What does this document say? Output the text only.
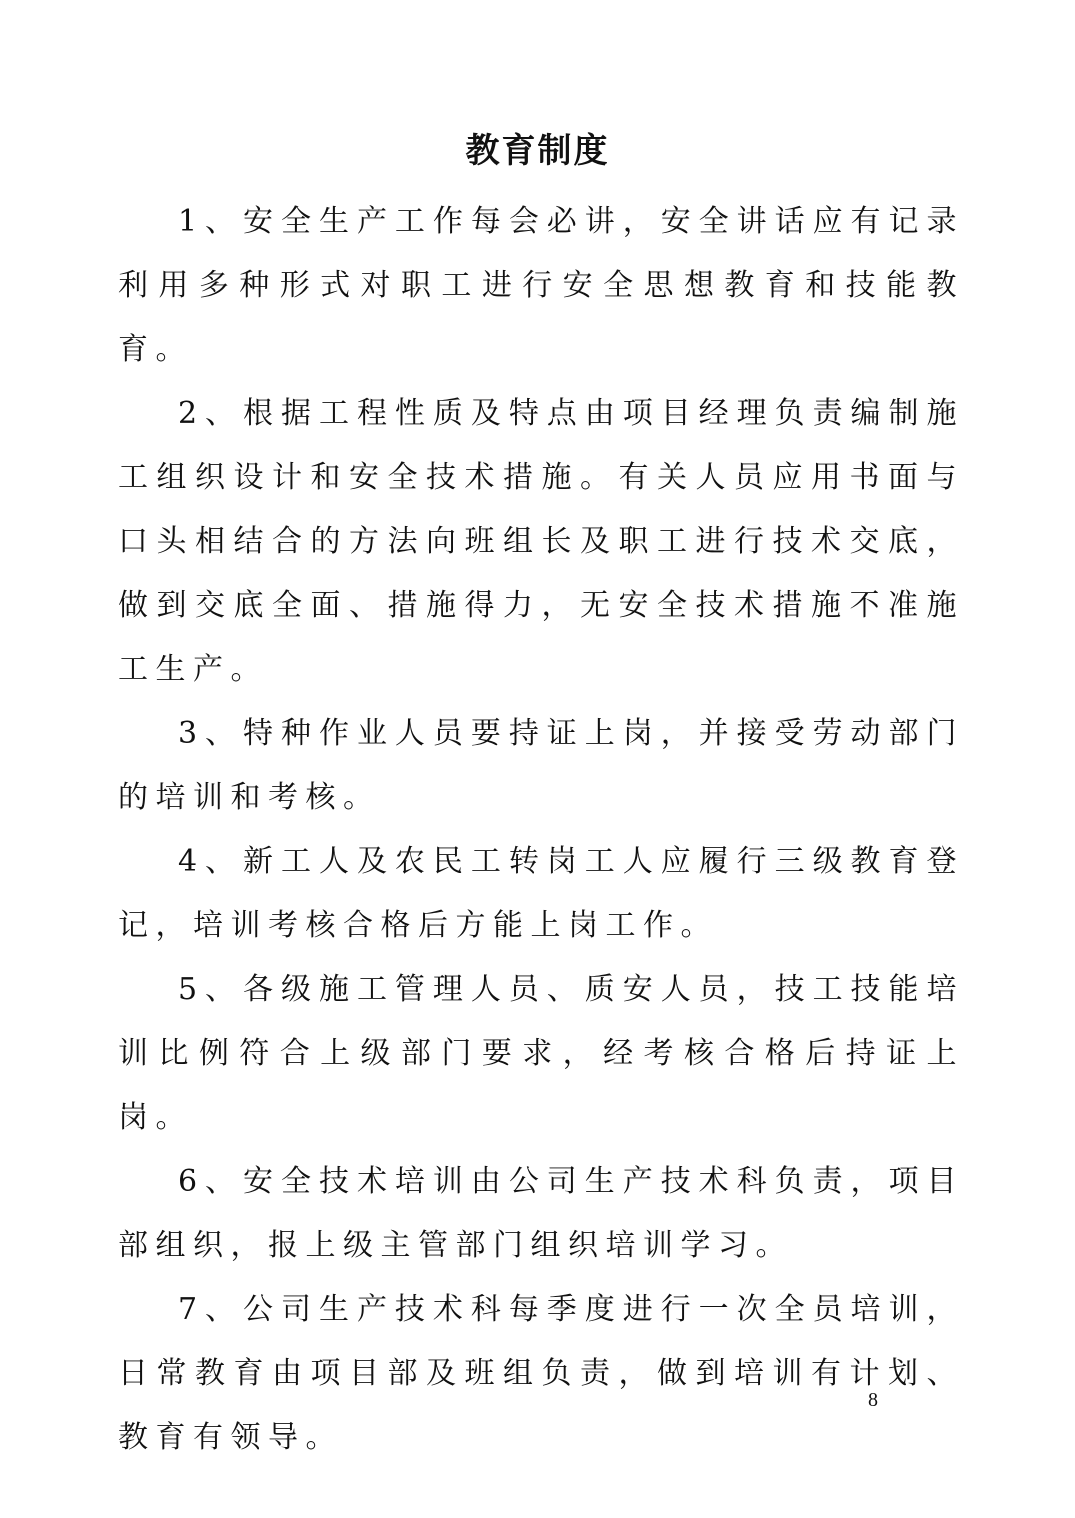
教育制度

1、安全生产工作每会必讲，安全讲话应有记录利用多种形式对职工进行安全思想教育和技能教育。

2、根据工程性质及特点由项目经理负责编制施工组织设计和安全技术措施。有关人员应用书面与口头相结合的方法向班组长及职工进行技术交底，做到交底全面、措施得力，无安全技术措施不准施工生产。

3、特种作业人员要持证上岗，并接受劳动部门的培训和考核。

4、新工人及农民工转岗工人应履行三级教育登记，培训考核合格后方能上岗工作。

5、各级施工管理人员、质安人员，技工技能培训比例符合上级部门要求，经考核合格后持证上岗。

6、安全技术培训由公司生产技术科负责，项目部组织，报上级主管部门组织培训学习。

7、公司生产技术科每季度进行一次全员培训，日常教育由项目部及班组负责，做到培训有计划、教育有领导。

8
